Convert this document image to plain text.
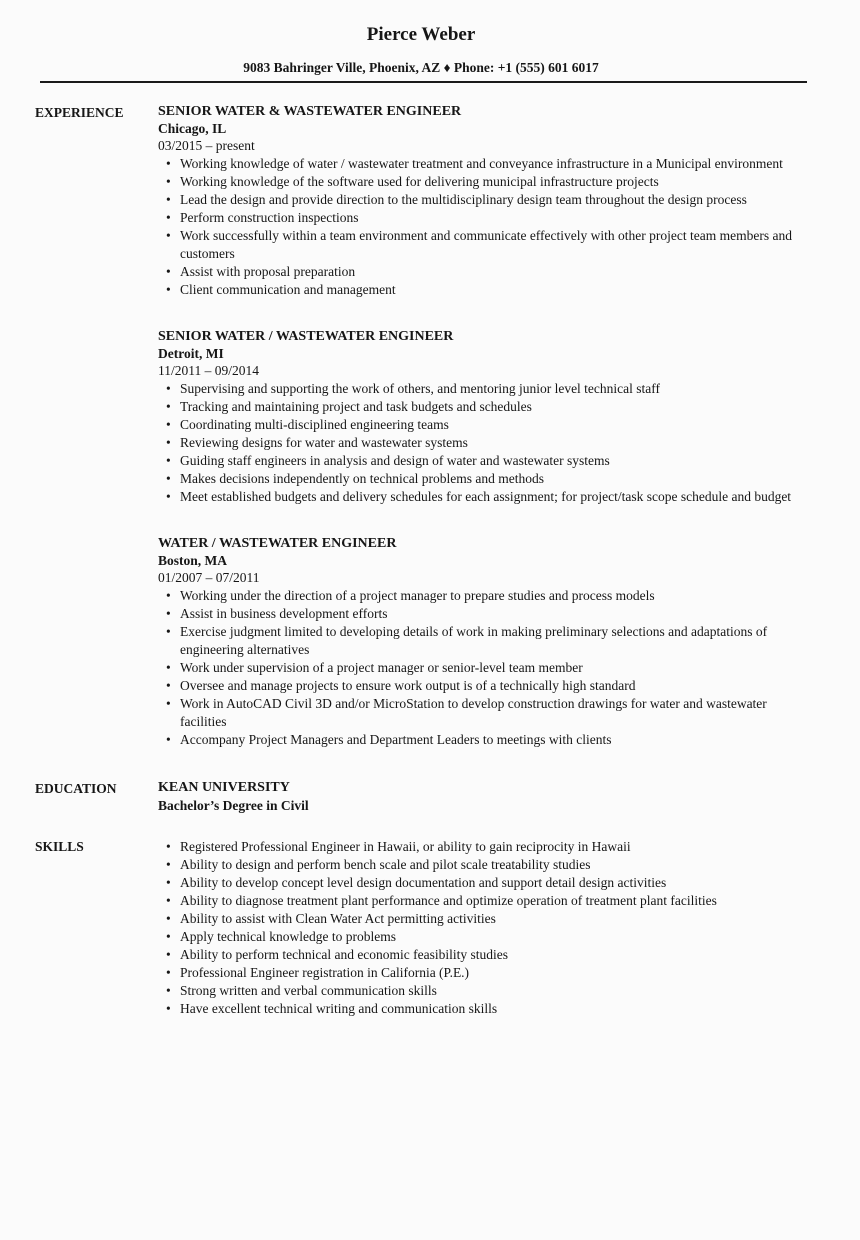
Pierce Weber
9083 Bahringer Ville, Phoenix, AZ ♦ Phone: +1 (555) 601 6017
EXPERIENCE	SENIOR WATER & WASTEWATER ENGINEER
Chicago, IL
03/2015 – present
• Working knowledge of water / wastewater treatment and conveyance infrastructure in a Municipal environment
• Working knowledge of the software used for delivering municipal infrastructure projects
• Lead the design and provide direction to the multidisciplinary design team throughout the design process
• Perform construction inspections
• Work successfully within a team environment and communicate effectively with other project team members and customers
• Assist with proposal preparation
• Client communication and management
SENIOR WATER / WASTEWATER ENGINEER
Detroit, MI
11/2011 – 09/2014
• Supervising and supporting the work of others, and mentoring junior level technical staff
• Tracking and maintaining project and task budgets and schedules
• Coordinating multi-disciplined engineering teams
• Reviewing designs for water and wastewater systems
• Guiding staff engineers in analysis and design of water and wastewater systems
• Makes decisions independently on technical problems and methods
• Meet established budgets and delivery schedules for each assignment; for project/task scope schedule and budget
WATER / WASTEWATER ENGINEER
Boston, MA
01/2007 – 07/2011
• Working under the direction of a project manager to prepare studies and process models
• Assist in business development efforts
• Exercise judgment limited to developing details of work in making preliminary selections and adaptations of engineering alternatives
• Work under supervision of a project manager or senior-level team member
• Oversee and manage projects to ensure work output is of a technically high standard
• Work in AutoCAD Civil 3D and/or MicroStation to develop construction drawings for water and wastewater facilities
• Accompany Project Managers and Department Leaders to meetings with clients
EDUCATION	KEAN UNIVERSITY
Bachelor’s Degree in Civil
SKILLS	• Registered Professional Engineer in Hawaii, or ability to gain reciprocity in Hawaii
• Ability to design and perform bench scale and pilot scale treatability studies
• Ability to develop concept level design documentation and support detail design activities
• Ability to diagnose treatment plant performance and optimize operation of treatment plant facilities
• Ability to assist with Clean Water Act permitting activities
• Apply technical knowledge to problems
• Ability to perform technical and economic feasibility studies
• Professional Engineer registration in California (P.E.)
• Strong written and verbal communication skills
• Have excellent technical writing and communication skills
